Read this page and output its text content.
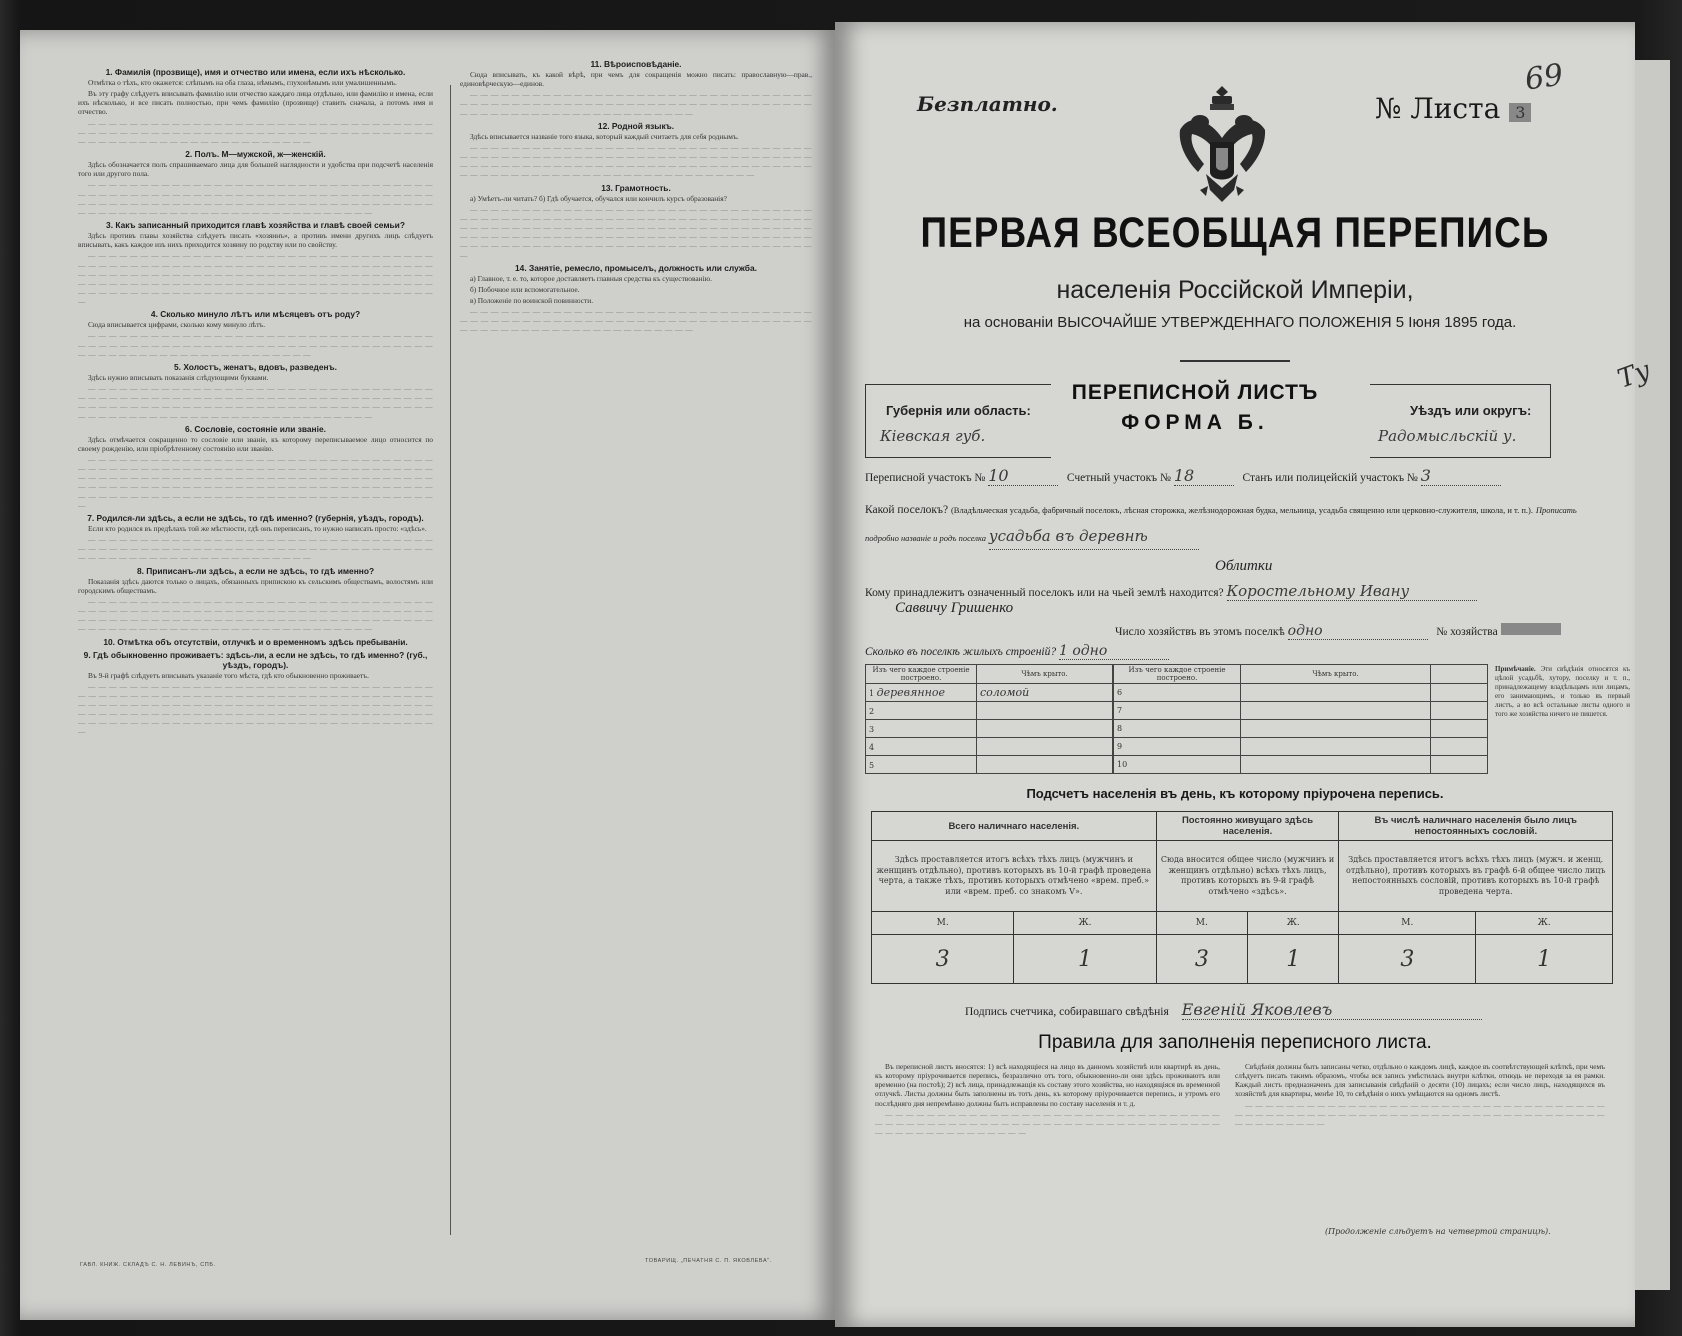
1. Фамилія (прозвище), имя и отчество или имена, если ихъ нѣсколько.

Отмѣтка о тѣхъ, кто окажется: слѣпымъ на оба глаза, нѣмымъ, глухонѣмымъ или умалишеннымъ.

Въ эту графу слѣдуетъ вписывать фамилію или отчество каждаго лица отдѣльно, или фамилію и имена, если ихъ нѣсколько, и все писать полностью, при чемъ фамилію (прозвище) ставить сначала, а потомъ имя и отчество.

— — — — — — — — — — — — — — — — — — — — — — — — — — — — — — — — — — — — — — — — — — — — — — — — — — — — — — — — — — — — — — — — — — — — — — — — — — — — — — — — — — — — — — — — — —

2. Полъ. М—мужской, ж—женскій.

Здѣсь обозначается полъ спрашиваемаго лица для большей наглядности и удобства при подсчетѣ населенія того или другого пола.

— — — — — — — — — — — — — — — — — — — — — — — — — — — — — — — — — — — — — — — — — — — — — — — — — — — — — — — — — — — — — — — — — — — — — — — — — — — — — — — — — — — — — — — — — — — — — — — — — — — — — — — — — — — — — — — — — — — — — — — — — — — — — — — — — —

3. Какъ записанный приходится главѣ хозяйства и главѣ своей семьи?

Здѣсь противъ главы хозяйства слѣдуетъ писать «хозяинъ», а противъ имени другихъ лицъ слѣдуетъ вписывать, какъ каждое изъ нихъ приходится хозяину по родству или по свойству.

— — — — — — — — — — — — — — — — — — — — — — — — — — — — — — — — — — — — — — — — — — — — — — — — — — — — — — — — — — — — — — — — — — — — — — — — — — — — — — — — — — — — — — — — — — — — — — — — — — — — — — — — — — — — — — — — — — — — — — — — — — — — — — — — — — — — — — — — — — — — — — — — — — — — — — — — — — — — — — — — — — — — — — — — — —

4. Сколько минуло лѣтъ или мѣсяцевъ отъ роду?

Сюда вписывается цифрами, сколько кому минуло лѣтъ.

— — — — — — — — — — — — — — — — — — — — — — — — — — — — — — — — — — — — — — — — — — — — — — — — — — — — — — — — — — — — — — — — — — — — — — — — — — — — — — — — — — — — — — — — — —

5. Холостъ, женатъ, вдовъ, разведенъ.

Здѣсь нужно вписывать показанія слѣдующими буквами.

— — — — — — — — — — — — — — — — — — — — — — — — — — — — — — — — — — — — — — — — — — — — — — — — — — — — — — — — — — — — — — — — — — — — — — — — — — — — — — — — — — — — — — — — — — — — — — — — — — — — — — — — — — — — — — — — — — — — — — — — — — — — — — — — — —

6. Сословіе, состояніе или званіе.

Здѣсь отмѣчается сокращенно то сословіе или званіе, къ которому переписываемое лицо относится по своему рожденію, или пріобрѣтенному состоянію или званію.

— — — — — — — — — — — — — — — — — — — — — — — — — — — — — — — — — — — — — — — — — — — — — — — — — — — — — — — — — — — — — — — — — — — — — — — — — — — — — — — — — — — — — — — — — — — — — — — — — — — — — — — — — — — — — — — — — — — — — — — — — — — — — — — — — — — — — — — — — — — — — — — — — — — — — — — — — — — — — — — — — — — — — — — — — —

7. Родился-ли здѣсь, а если не здѣсь, то гдѣ именно? (губернія, уѣздъ, городъ).

Если кто родился въ предѣлахъ той же мѣстности, гдѣ онъ переписанъ, то нужно написать просто: «здѣсь».

— — — — — — — — — — — — — — — — — — — — — — — — — — — — — — — — — — — — — — — — — — — — — — — — — — — — — — — — — — — — — — — — — — — — — — — — — — — — — — — — — — — — — — — — — —

8. Приписанъ-ли здѣсь, а если не здѣсь, то гдѣ именно?

Показанія здѣсь даются только о лицахъ, обязанныхъ припискою къ сельскимъ обществамъ, волостямъ или городскимъ обществамъ.

— — — — — — — — — — — — — — — — — — — — — — — — — — — — — — — — — — — — — — — — — — — — — — — — — — — — — — — — — — — — — — — — — — — — — — — — — — — — — — — — — — — — — — — — — — — — — — — — — — — — — — — — — — — — — — — — — — — — — — — — — — — — — — — — — —

10. Отмѣтка объ отсутствіи, отлучкѣ и о временномъ здѣсь пребываніи.
9. Гдѣ обыкновенно проживаетъ: здѣсь-ли, а если не здѣсь, то гдѣ именно? (губ., уѣздъ, городъ).

Въ 9-й графѣ слѣдуетъ вписывать указаніе того мѣста, гдѣ кто обыкновенно проживаетъ.

— — — — — — — — — — — — — — — — — — — — — — — — — — — — — — — — — — — — — — — — — — — — — — — — — — — — — — — — — — — — — — — — — — — — — — — — — — — — — — — — — — — — — — — — — — — — — — — — — — — — — — — — — — — — — — — — — — — — — — — — — — — — — — — — — — — — — — — — — — — — — — — — — — — — — — — — — — — — — — — — — — — — — — — — — —

11. Вѣроисповѣданіе.

Сюда вписывать, къ какой вѣрѣ, при чемъ для сокращенія можно писать: православную—прав., единовѣрческую—единов.

— — — — — — — — — — — — — — — — — — — — — — — — — — — — — — — — — — — — — — — — — — — — — — — — — — — — — — — — — — — — — — — — — — — — — — — — — — — — — — — — — — — — — — — — — —

12. Родной языкъ.

Здѣсь вписывается названіе того языка, который каждый считаетъ для себя роднымъ.

— — — — — — — — — — — — — — — — — — — — — — — — — — — — — — — — — — — — — — — — — — — — — — — — — — — — — — — — — — — — — — — — — — — — — — — — — — — — — — — — — — — — — — — — — — — — — — — — — — — — — — — — — — — — — — — — — — — — — — — — — — — — — — — — — —

13. Грамотность.

а) Умѣетъ-ли читать? б) Гдѣ обучается, обучался или кончилъ курсъ образованія?

— — — — — — — — — — — — — — — — — — — — — — — — — — — — — — — — — — — — — — — — — — — — — — — — — — — — — — — — — — — — — — — — — — — — — — — — — — — — — — — — — — — — — — — — — — — — — — — — — — — — — — — — — — — — — — — — — — — — — — — — — — — — — — — — — — — — — — — — — — — — — — — — — — — — — — — — — — — — — — — — — — — — — — — — — —

14. Занятіе, ремесло, промыселъ, должность или служба.

а) Главное, т. е. то, которое доставляетъ главныя средства къ существованію.

б) Побочное или вспомогательное.

в) Положеніе по воинской повинности.

— — — — — — — — — — — — — — — — — — — — — — — — — — — — — — — — — — — — — — — — — — — — — — — — — — — — — — — — — — — — — — — — — — — — — — — — — — — — — — — — — — — — — — — — — —

ГАВЛ. КНИЖ. СКЛАДЪ С. Н. ЛЕВИНЪ, СПБ.
ТОВАРИЩ. „ПЕЧАТНЯ С. П. ЯКОВЛЕВА".
Безплатно.	№ Листа 3
69
ПЕРВАЯ ВСЕОБЩАЯ ПЕРЕПИСЬ
населенія Россійской Имперіи,
на основаніи ВЫСОЧАЙШЕ УТВЕРЖДЕННАГО ПОЛОЖЕНІЯ 5 Іюня 1895 года.
Губернія или область:
Кіевская губ.
ПЕРЕПИСНОЙ ЛИСТЪ
ФОРМА Б.
Уѣздъ или округъ:
Радомысльскій у.
Переписной участокъ № 10	Счетный участокъ № 18	Станъ или полицейскій участокъ № 3
Какой поселокъ? (Владѣльческая усадьба, фабричный поселокъ, лѣсная сторожка, желѣзнодорожная будка, мельница, усадьба священно или церковно-служителя, школа, и т. п.). Прописать подробно названіе и родъ поселка усадьба въ деревнѣ
Облитки
Кому принадлежитъ означенный поселокъ или на чьей землѣ находится? Коростельному Ивану
Саввичу Гришенко
Число хозяйствъ въ этомъ поселкѣ одно	№ хозяйства
Сколько въ поселкѣ жилыхъ строеній? 1 одно
Изъ чего каждое строеніе построено.	Чѣмъ крыто.
1 деревянное	соломой
2	
3	
4	
5	
Изъ чего каждое строеніе построено.	Чѣмъ крыто.	
6		
7		
8		
9		
10		
Примѣчаніе. Эти свѣдѣнія относятся къ цѣлой усадьбѣ, хутору, поселку и т. п., принадлежащему владѣльцамъ или лицамъ, его занимающимъ, и только въ первый листъ, а во всѣ остальные листы одного и того же хозяйства ничего не пишется.
Подсчетъ населенія въ день, къ которому пріурочена перепись.
Всего наличнаго населенія.		Постоянно живущаго здѣсь населенія.		Въ числѣ наличнаго населенія было лицъ непостоянныхъ сословій.	
Здѣсь проставляется итогъ всѣхъ тѣхъ лицъ (мужчинъ и женщинъ отдѣльно), противъ которыхъ въ 10-й графѣ проведена черта, а также тѣхъ, противъ которыхъ отмѣчено «врем. преб.» или «врем. преб. со знакомъ V».		Сюда вносится общее число (мужчинъ и женщинъ отдѣльно) всѣхъ тѣхъ лицъ, противъ которыхъ въ 9-й графѣ отмѣчено «здѣсь».		Здѣсь проставляется итогъ всѣхъ тѣхъ лицъ (мужч. и женщ. отдѣльно), противъ которыхъ въ графѣ 6-й общее число лицъ непостоянныхъ сословій, противъ которыхъ въ 10-й графѣ проведена черта.	
М.	Ж.	М.	Ж.	М.	Ж.
3	1	3	1	3	1
Подпись счетчика, собиравшаго свѣдѣнія Евгеній Яковлевъ
Правила для заполненія переписного листа.

Въ переписной листъ вносятся: 1) всѣ находящіеся на лицо въ данномъ хозяйствѣ или квартирѣ въ день, къ которому пріурочивается перепись, безразлично отъ того, обыкновенно-ли они здѣсь проживаютъ или временно (на постоѣ); 2) всѣ лица, принадлежащія къ составу этого хозяйства, но находящіяся въ временной отлучкѣ. Листы должны быть заполнены въ тотъ день, къ которому пріурочивается перепись, и утромъ его послѣдняго дня непремѣнно должны быть исправлены по составу населенія и т. д.

— — — — — — — — — — — — — — — — — — — — — — — — — — — — — — — — — — — — — — — — — — — — — — — — — — — — — — — — — — — — — — — — — — — — — — — — — — — — — — — —

Свѣдѣнія должны быть записаны четко, отдѣльно о каждомъ лицѣ, каждое въ соотвѣтствующей клѣткѣ, при чемъ слѣдуетъ писать такимъ образомъ, чтобы вся запись умѣстилась внутри клѣтки, отнюдь не переходя за ея рамки. Каждый листъ предназначенъ для записыванія свѣдѣній о десяти (10) лицахъ; если число лицъ, находящихся въ хозяйствѣ для квартиры, менѣе 10, то свѣдѣнія о нихъ умѣщаются на одномъ листѣ.

— — — — — — — — — — — — — — — — — — — — — — — — — — — — — — — — — — — — — — — — — — — — — — — — — — — — — — — — — — — — — — — — — — — — — — — — — — — — — — — —

(Продолженіе слѣдуетъ на четвертой страницѣ).
Ту
